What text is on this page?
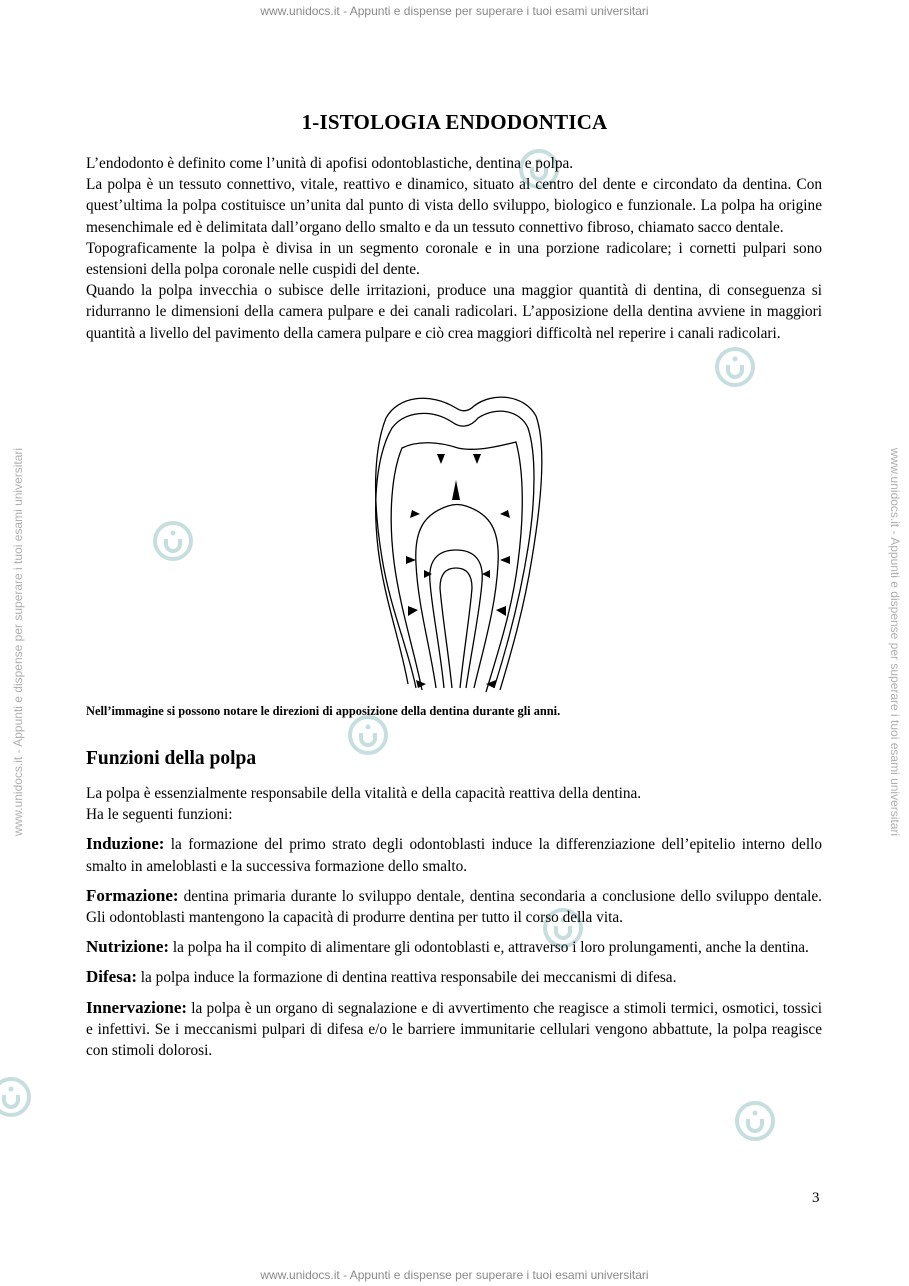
www.unidocs.it - Appunti e dispense per superare i tuoi esami universitari
www.unidocs.it - Appunti e dispense per superare i tuoi esami universitari
www.unidocs.it - Appunti e dispense per superare i tuoi esami universitari	www.unidocs.it - Appunti e dispense per superare i tuoi esami universitari
1-ISTOLOGIA ENDODONTICA

L’endodonto è definito come l’unità di apofisi odontoblastiche, dentina e polpa.

La polpa è un tessuto connettivo, vitale, reattivo e dinamico, situato al centro del dente e circondato da dentina. Con quest’ultima la polpa costituisce un’unita dal punto di vista dello sviluppo, biologico e funzionale. La polpa ha origine mesenchimale ed è delimitata dall’organo dello smalto e da un tessuto connettivo fibroso, chiamato sacco dentale.

Topograficamente la polpa è divisa in un segmento coronale e in una porzione radicolare; i cornetti pulpari sono estensioni della polpa coronale nelle cuspidi del dente.

Quando la polpa invecchia o subisce delle irritazioni, produce una maggior quantità di dentina, di conseguenza si ridurranno le dimensioni della camera pulpare e dei canali radicolari. L’apposizione della dentina avviene in maggiori quantità a livello del pavimento della camera pulpare e ciò crea maggiori difficoltà nel reperire i canali radicolari.

Nell’immagine si possono notare le direzioni di apposizione della dentina durante gli anni.
Funzioni della polpa

La polpa è essenzialmente responsabile della vitalità e della capacità reattiva della dentina.

Ha le seguenti funzioni:

Induzione: la formazione del primo strato degli odontoblasti induce la differenziazione dell’epitelio interno dello smalto in ameloblasti e la successiva formazione dello smalto.

Formazione: dentina primaria durante lo sviluppo dentale, dentina secondaria a conclusione dello sviluppo dentale. Gli odontoblasti mantengono la capacità di produrre dentina per tutto il corso della vita.

Nutrizione: la polpa ha il compito di alimentare gli odontoblasti e, attraverso i loro prolungamenti, anche la dentina.

Difesa: la polpa induce la formazione di dentina reattiva responsabile dei meccanismi di difesa.

Innervazione: la polpa è un organo di segnalazione e di avvertimento che reagisce a stimoli termici, osmotici, tossici e infettivi. Se i meccanismi pulpari di difesa e/o le barriere immunitarie cellulari vengono abbattute, la polpa reagisce con stimoli dolorosi.

3
